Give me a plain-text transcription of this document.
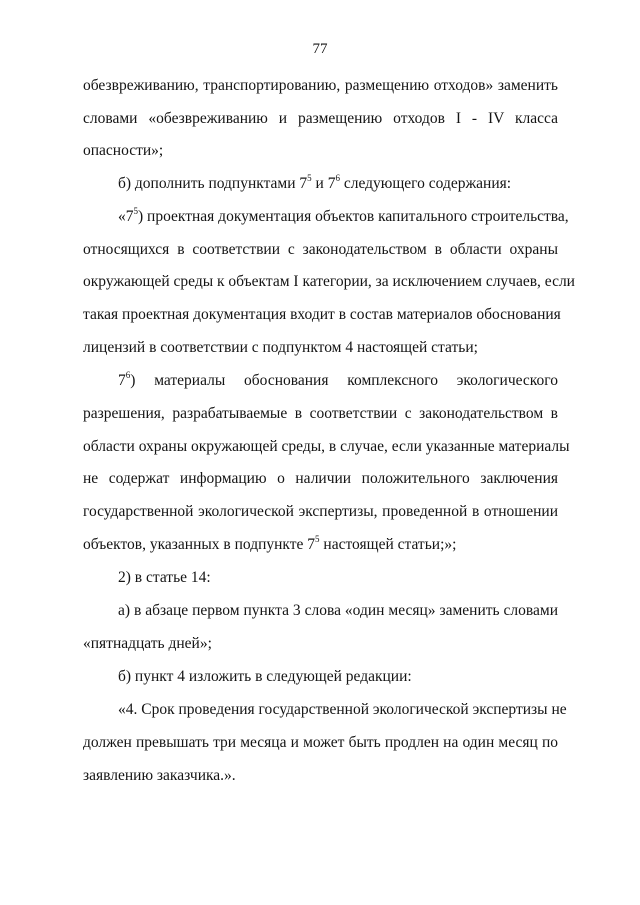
77
обезвреживанию, транспортированию, размещению отходов» заменить
словами «обезвреживанию и размещению отходов I - IV класса
опасности»;
б) дополнить подпунктами $7^5$ и $7^6$ следующего содержания:
«$7^5$) проектная документация объектов капитального строительства,
относящихся в соответствии с законодательством в области охраны
окружающей среды к объектам I категории, за исключением случаев, если
такая проектная документация входит в состав материалов обоснования
лицензий в соответствии с подпунктом 4 настоящей статьи;
$7^6$) материалы обоснования комплексного экологического
разрешения, разрабатываемые в соответствии с законодательством в
области охраны окружающей среды, в случае, если указанные материалы
не содержат информацию о наличии положительного заключения
государственной экологической экспертизы, проведенной в отношении
объектов, указанных в подпункте $7^5$ настоящей статьи;»;
2) в статье 14:
а) в абзаце первом пункта 3 слова «один месяц» заменить словами
«пятнадцать дней»;
б) пункт 4 изложить в следующей редакции:
«4. Срок проведения государственной экологической экспертизы не
должен превышать три месяца и может быть продлен на один месяц по
заявлению заказчика.».
